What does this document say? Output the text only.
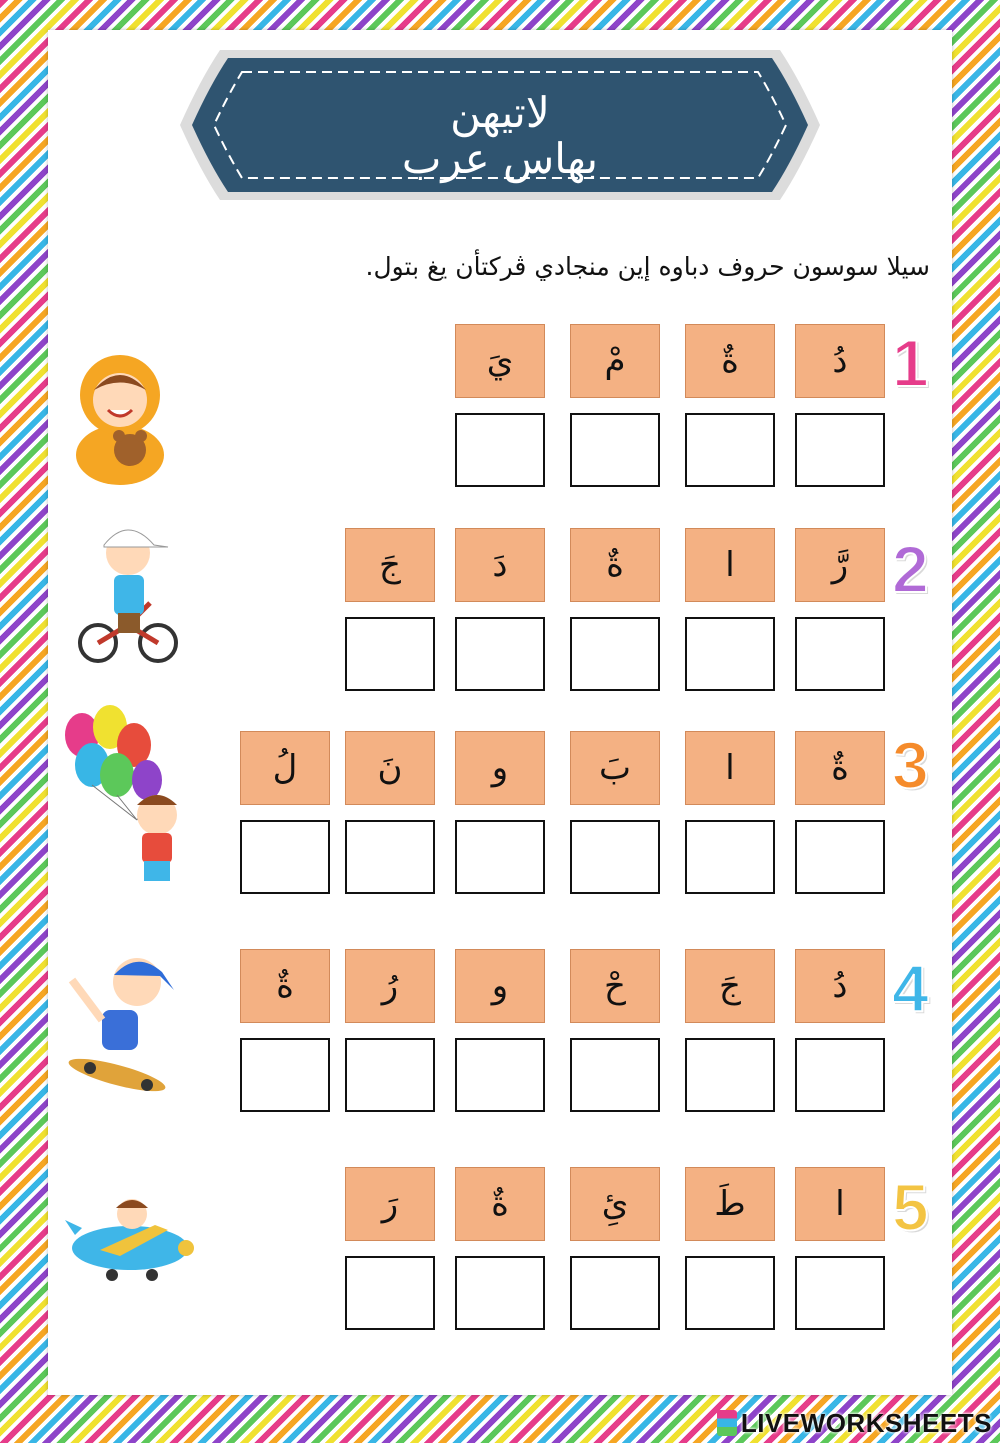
لاتيهن
بهاس عرب
سيلا سوسون حروف دباوه إين منجادي ڤركتأن يغ بتول.
1
دُ
ةٌ
مْ
يَ
2
رَّ
ا
ةٌ
دَ
جَ
3
ةٌ
ا
بَ
و
نَ
لُ
4
دُ
جَ
حْ
و
رُ
ةٌ
5
ا
طَ
ئِ
ةٌ
رَ
LIVEWORKSHEETS
